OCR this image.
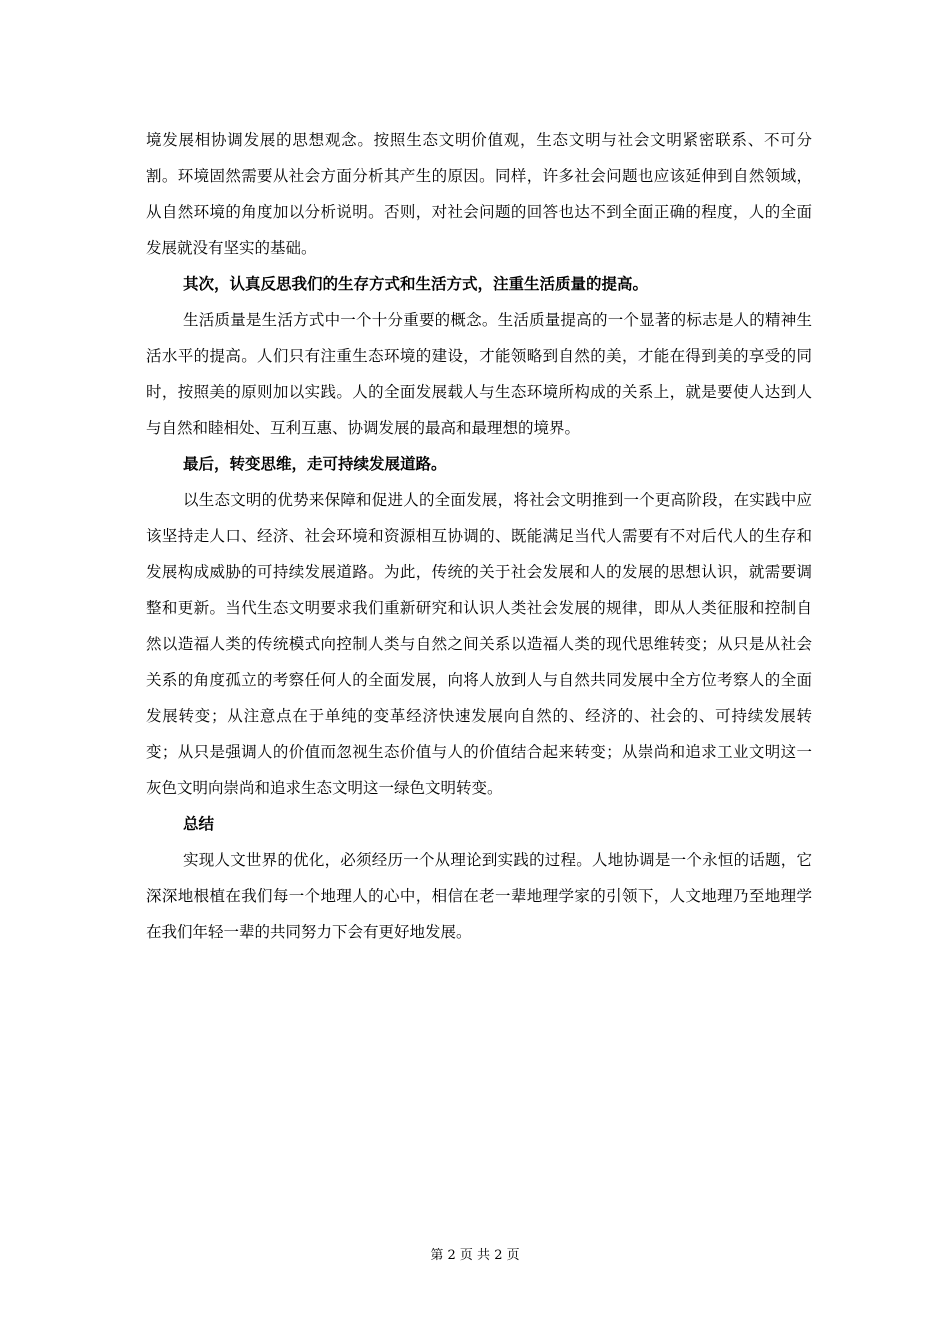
境发展相协调发展的思想观念。按照生态文明价值观，生态文明与社会文明紧密联系、不可分割。环境固然需要从社会方面分析其产生的原因。同样，许多社会问题也应该延伸到自然领域，从自然环境的角度加以分析说明。否则，对社会问题的回答也达不到全面正确的程度，人的全面发展就没有坚实的基础。

其次，认真反思我们的生存方式和生活方式，注重生活质量的提高。

生活质量是生活方式中一个十分重要的概念。生活质量提高的一个显著的标志是人的精神生活水平的提高。人们只有注重生态环境的建设，才能领略到自然的美，才能在得到美的享受的同时，按照美的原则加以实践。人的全面发展载人与生态环境所构成的关系上，就是要使人达到人与自然和睦相处、互利互惠、协调发展的最高和最理想的境界。

最后，转变思维，走可持续发展道路。

以生态文明的优势来保障和促进人的全面发展，将社会文明推到一个更高阶段，在实践中应该坚持走人口、经济、社会环境和资源相互协调的、既能满足当代人需要有不对后代人的生存和发展构成威胁的可持续发展道路。为此，传统的关于社会发展和人的发展的思想认识，就需要调整和更新。当代生态文明要求我们重新研究和认识人类社会发展的规律，即从人类征服和控制自然以造福人类的传统模式向控制人类与自然之间关系以造福人类的现代思维转变；从只是从社会关系的角度孤立的考察任何人的全面发展，向将人放到人与自然共同发展中全方位考察人的全面发展转变；从注意点在于单纯的变革经济快速发展向自然的、经济的、社会的、可持续发展转变；从只是强调人的价值而忽视生态价值与人的价值结合起来转变；从崇尚和追求工业文明这一灰色文明向崇尚和追求生态文明这一绿色文明转变。

总结

实现人文世界的优化，必须经历一个从理论到实践的过程。人地协调是一个永恒的话题，它深深地根植在我们每一个地理人的心中，相信在老一辈地理学家的引领下，人文地理乃至地理学在我们年轻一辈的共同努力下会有更好地发展。

第 2 页 共 2 页
